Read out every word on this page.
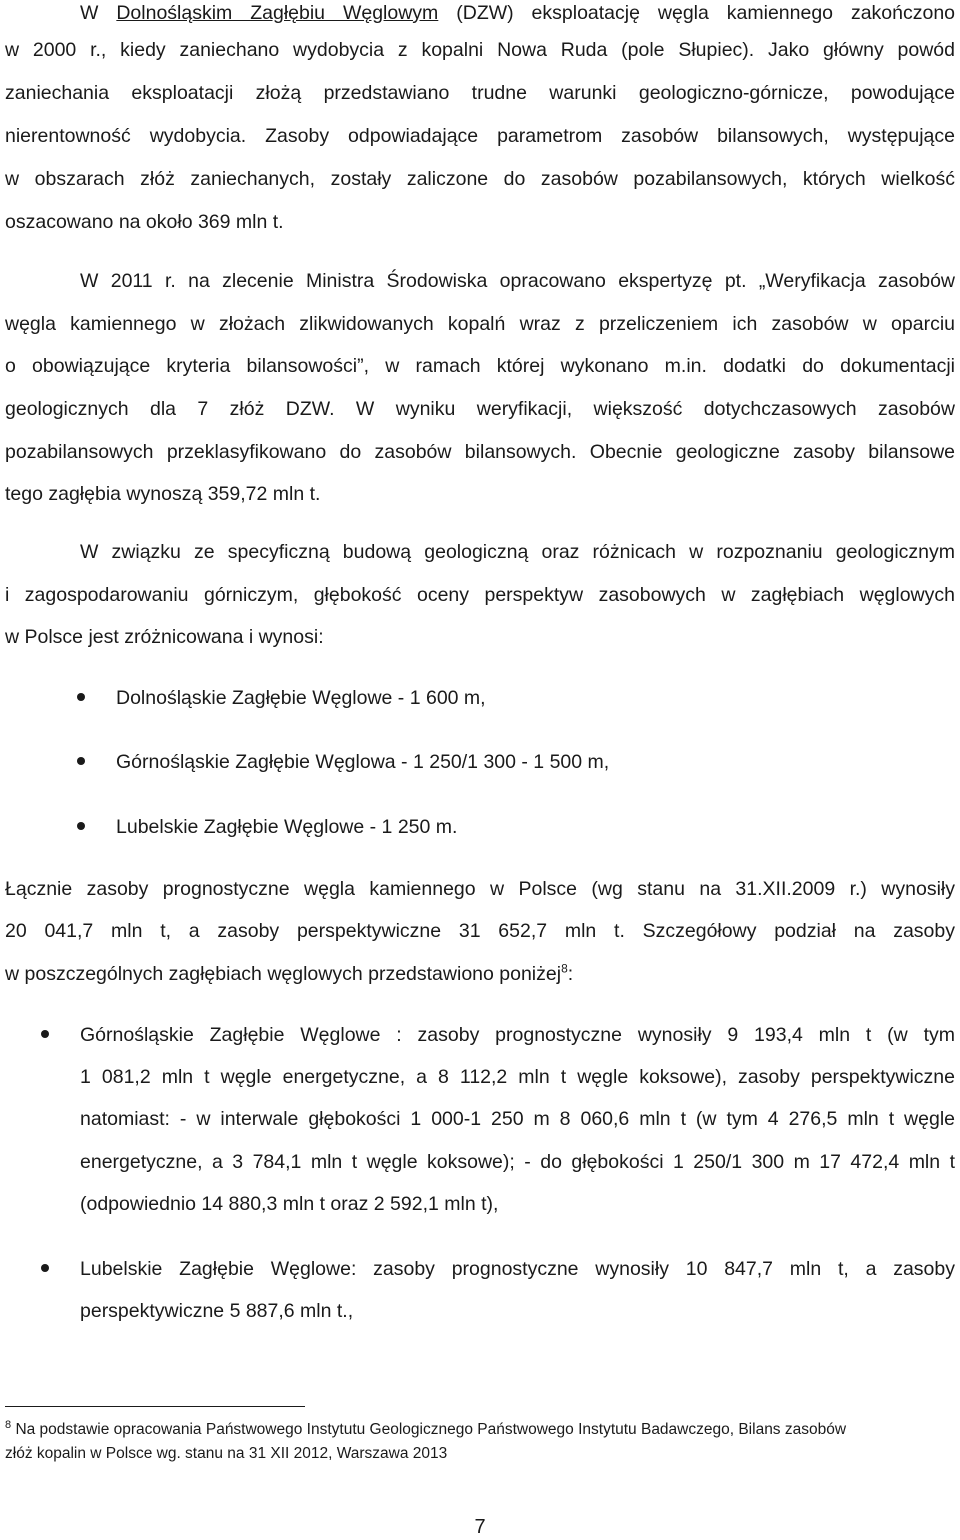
W Dolnośląskim Zagłębiu Węglowym (DZW) eksploatację węgla kamiennego zakończono
w 2000 r., kiedy zaniechano wydobycia z kopalni Nowa Ruda (pole Słupiec). Jako główny powód
zaniechania eksploatacji złożą przedstawiano trudne warunki geologiczno-górnicze, powodujące
nierentowność wydobycia. Zasoby odpowiadające parametrom zasobów bilansowych, występujące
w obszarach złóż zaniechanych, zostały zaliczone do zasobów pozabilansowych, których wielkość
oszacowano na około 369 mln t.
W 2011 r. na zlecenie Ministra Środowiska opracowano ekspertyzę pt. „Weryfikacja zasobów
węgla kamiennego w złożach zlikwidowanych kopalń wraz z przeliczeniem ich zasobów w oparciu
o obowiązujące kryteria bilansowości”, w ramach której wykonano m.in. dodatki do dokumentacji
geologicznych dla 7 złóż DZW. W wyniku weryfikacji, większość dotychczasowych zasobów
pozabilansowych przeklasyfikowano do zasobów bilansowych. Obecnie geologiczne zasoby bilansowe
tego zagłębia wynoszą 359,72 mln t.
W związku ze specyficzną budową geologiczną oraz różnicach w rozpoznaniu geologicznym
i zagospodarowaniu górniczym, głębokość oceny perspektyw zasobowych w zagłębiach węglowych
w Polsce jest zróżnicowana i wynosi:
Dolnośląskie Zagłębie Węglowe - 1 600 m,
Górnośląskie Zagłębie Węglowa - 1 250/1 300 - 1 500 m,
Lubelskie Zagłębie Węglowe - 1 250 m.
Łącznie zasoby prognostyczne węgla kamiennego w Polsce (wg stanu na 31.XII.2009 r.) wynosiły
20 041,7 mln t, a zasoby perspektywiczne 31 652,7 mln t. Szczegółowy podział na zasoby
w poszczególnych zagłębiach węglowych przedstawiono poniżej$^8$:
Górnośląskie Zagłębie Węglowe : zasoby prognostyczne wynosiły 9 193,4 mln t (w tym
1 081,2 mln t węgle energetyczne, a 8 112,2 mln t węgle koksowe), zasoby perspektywiczne
natomiast: - w interwale głębokości 1 000-1 250 m 8 060,6 mln t (w tym 4 276,5 mln t węgle
energetyczne, a 3 784,1 mln t węgle koksowe); - do głębokości 1 250/1 300 m 17 472,4 mln t
(odpowiednio 14 880,3 mln t oraz 2 592,1 mln t),
Lubelskie Zagłębie Węglowe: zasoby prognostyczne wynosiły 10 847,7 mln t, a zasoby
perspektywiczne 5 887,6 mln t.,
$^8$ Na podstawie opracowania Państwowego Instytutu Geologicznego Państwowego Instytutu Badawczego, Bilans zasobów
złóż kopalin w Polsce wg. stanu na 31 XII 2012, Warszawa 2013
7
